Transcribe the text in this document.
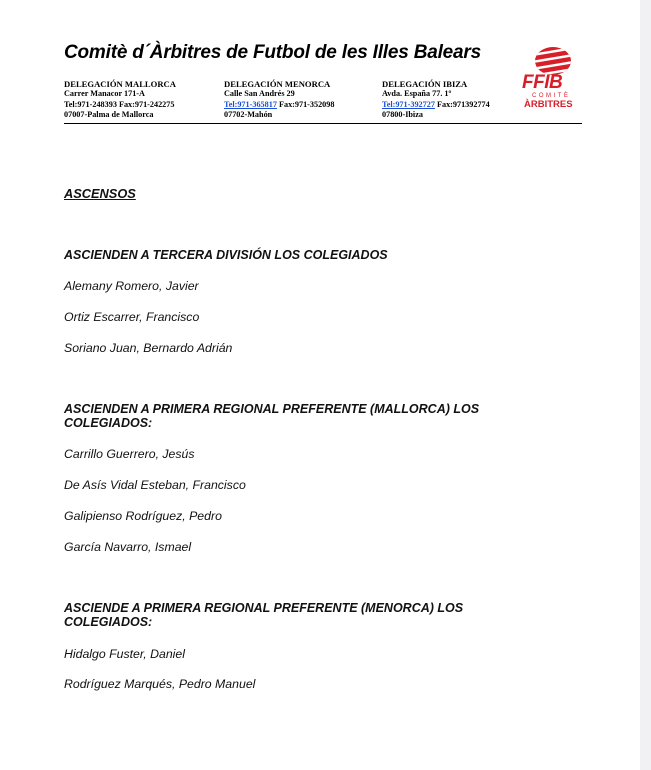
Comitè d´Àrbitres de Futbol de les Illes Balears
FFIB
COMITÈ
ÀRBITRES
DELEGACIÓN MALLORCA
Carrer Manacor 171-A
Tel:971-248393 Fax:971-242275
07007-Palma de Mallorca
DELEGACIÓN MENORCA
Calle San Andrés 29
Tel:971-365817 Fax:971-352098
07702-Mahón
DELEGACIÓN IBIZA
Avda. España 77. 1º
Tel:971-392727 Fax:971392774
07800-Ibiza
ASCENSOS
ASCIENDEN A TERCERA DIVISIÓN LOS COLEGIADOS
Alemany Romero, Javier
Ortiz Escarrer, Francisco
Soriano Juan, Bernardo Adrián
ASCIENDEN A PRIMERA REGIONAL PREFERENTE (MALLORCA) LOS COLEGIADOS:
Carrillo Guerrero, Jesús
De Asís Vidal Esteban, Francisco
Galipienso Rodríguez, Pedro
García Navarro, Ismael
ASCIENDE A PRIMERA REGIONAL PREFERENTE (MENORCA) LOS COLEGIADOS:
Hidalgo Fuster, Daniel
Rodríguez Marqués, Pedro Manuel
